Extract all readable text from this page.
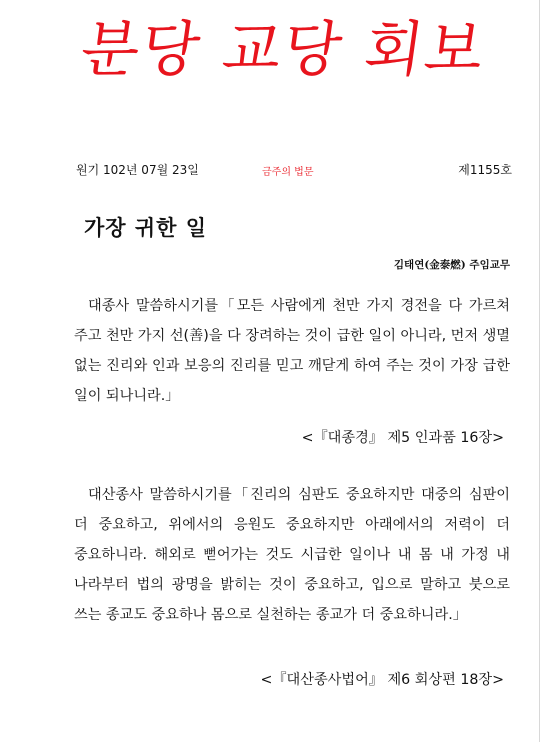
분당 교당 회보
원기 102년 07월 23일	금주의 법문	제1155호
가장 귀한 일
김태연(金泰燃) 주임교무

대종사 말씀하시기를「모든 사람에게 천만 가지 경전을 다 가르쳐 주고 천만 가지 선(善)을 다 장려하는 것이 급한 일이 아니라, 먼저 생멸 없는 진리와 인과 보응의 진리를 믿고 깨닫게 하여 주는 것이 가장 급한 일이 되나니라.」

<『대종경』 제5 인과품 16장>

대산종사 말씀하시기를「진리의 심판도 중요하지만 대중의 심판이 더 중요하고, 위에서의 응원도 중요하지만 아래에서의 저력이 더 중요하니라. 해외로 뻗어가는 것도 시급한 일이나 내 몸 내 가정 내 나라부터 법의 광명을 밝히는 것이 중요하고, 입으로 말하고 붓으로 쓰는 종교도 중요하나 몸으로 실천하는 종교가 더 중요하니라.」

<『대산종사법어』 제6 회상편 18장>
